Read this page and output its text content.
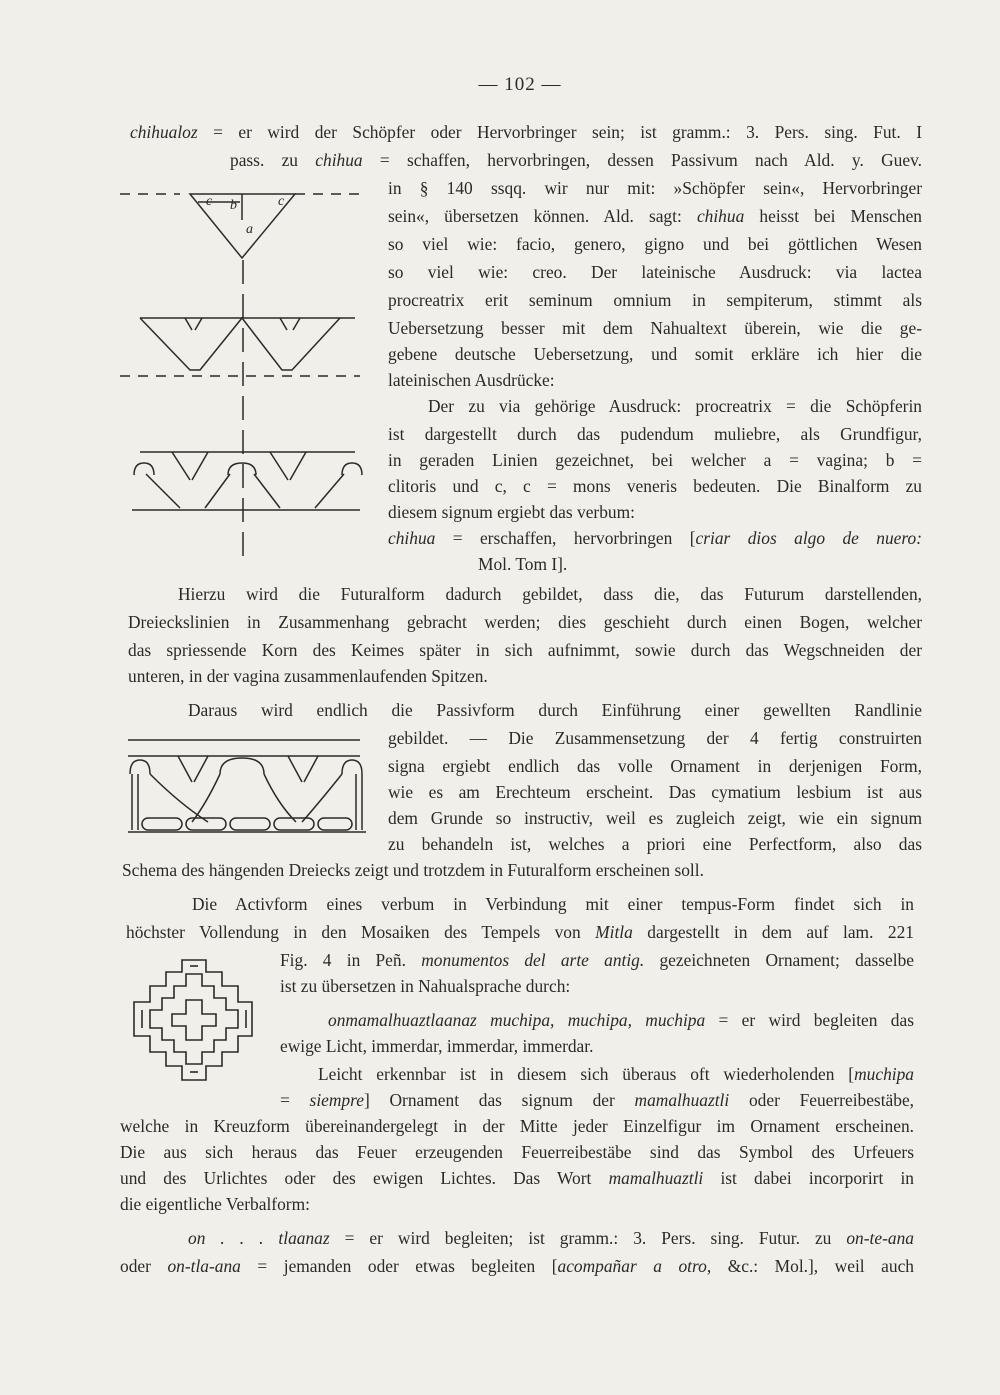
— 102 —
chihualoz = er wird der Schöpfer oder Hervorbringer sein; ist gramm.: 3. Pers. sing. Fut. I
pass. zu chihua = schaffen, hervorbringen, dessen Passivum nach Ald. y. Guev.
in § 140 ssqq. wir nur mit: »Schöpfer sein«, Hervorbringer
sein«, übersetzen können. Ald. sagt: chihua heisst bei Menschen
so viel wie: facio, genero, gigno und bei göttlichen Wesen
so viel wie: creo. Der lateinische Ausdruck: via lactea
procreatrix erit seminum omnium in sempiterum, stimmt als
Uebersetzung besser mit dem Nahualtext überein, wie die ge-
gebene deutsche Uebersetzung, und somit erkläre ich hier die
lateinischen Ausdrücke:
Der zu via gehörige Ausdruck: procreatrix = die Schöpferin
ist dargestellt durch das pudendum muliebre, als Grundfigur,
in geraden Linien gezeichnet, bei welcher a = vagina; b =
clitoris und c, c = mons veneris bedeuten. Die Binalform zu
diesem signum ergiebt das verbum:
chihua = erschaffen, hervorbringen [criar dios algo de nuero:
Mol. Tom I].
Hierzu wird die Futuralform dadurch gebildet, dass die, das Futurum darstellenden,
Dreieckslinien in Zusammenhang gebracht werden; dies geschieht durch einen Bogen, welcher
das spriessende Korn des Keimes später in sich aufnimmt, sowie durch das Wegschneiden der
unteren, in der vagina zusammenlaufenden Spitzen.
Daraus wird endlich die Passivform durch Einführung einer gewellten Randlinie
gebildet. — Die Zusammensetzung der 4 fertig construirten
signa ergiebt endlich das volle Ornament in derjenigen Form,
wie es am Erechteum erscheint. Das cymatium lesbium ist aus
dem Grunde so instructiv, weil es zugleich zeigt, wie ein signum
zu behandeln ist, welches a priori eine Perfectform, also das
Schema des hängenden Dreiecks zeigt und trotzdem in Futuralform erscheinen soll.
Die Activform eines verbum in Verbindung mit einer tempus-Form findet sich in
höchster Vollendung in den Mosaiken des Tempels von Mitla dargestellt in dem auf lam. 221
Fig. 4 in Peñ. monumentos del arte antig. gezeichneten Ornament; dasselbe
ist zu übersetzen in Nahualsprache durch:
onmamalhuaztlaanaz muchipa, muchipa, muchipa = er wird begleiten das
ewige Licht, immerdar, immerdar, immerdar.
Leicht erkennbar ist in diesem sich überaus oft wiederholenden [muchipa
= siempre] Ornament das signum der mamalhuaztli oder Feuerreibestäbe,
welche in Kreuzform übereinandergelegt in der Mitte jeder Einzelfigur im Ornament erscheinen.
Die aus sich heraus das Feuer erzeugenden Feuerreibestäbe sind das Symbol des Urfeuers
und des Urlichtes oder des ewigen Lichtes. Das Wort mamalhuaztli ist dabei incorporirt in
die eigentliche Verbalform:
on . . . tlaanaz = er wird begleiten; ist gramm.: 3. Pers. sing. Futur. zu on-te-ana
oder on-tla-ana = jemanden oder etwas begleiten [acompañar a otro, &c.: Mol.], weil auch
c b	c
a
